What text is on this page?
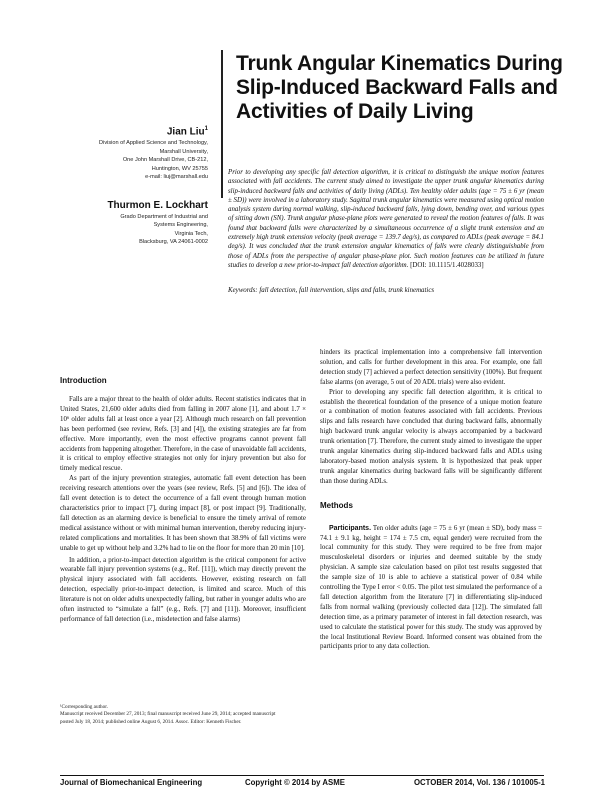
Trunk Angular Kinematics During Slip-Induced Backward Falls and Activities of Daily Living
Jian Liu$^1$
Division of Applied Science and Technology,
Marshall University,
One John Marshall Drive, CB-212,
Huntington, WV 25755
e-mail: liuj@marshall.edu
Thurmon E. Lockhart
Grado Department of Industrial and
Systems Engineering,
Virginia Tech,
Blacksburg, VA 24061-0002
Prior to developing any specific fall detection algorithm, it is critical to distinguish the unique motion features associated with fall accidents. The current study aimed to investigate the upper trunk angular kinematics during slip-induced backward falls and activities of daily living (ADLs). Ten healthy older adults (age = 75 ± 6 yr (mean ± SD)) were involved in a laboratory study. Sagittal trunk angular kinematics were measured using optical motion analysis system during normal walking, slip-induced backward falls, lying down, bending over, and various types of sitting down (SN). Trunk angular phase-plane plots were generated to reveal the motion features of falls. It was found that backward falls were characterized by a simultaneous occurrence of a slight trunk extension and an extremely high trunk extension velocity (peak average = 139.7 deg/s), as compared to ADLs (peak average = 84.1 deg/s). It was concluded that the trunk extension angular kinematics of falls were clearly distinguishable from those of ADLs from the perspective of angular phase-plane plot. Such motion features can be utilized in future studies to develop a new prior-to-impact fall detection algorithm. [DOI: 10.1115/1.4028033]
Keywords: fall detection, fall intervention, slips and falls, trunk kinematics
Introduction

Falls are a major threat to the health of older adults. Recent statistics indicates that in United States, 21,600 older adults died from falling in 2007 alone [1], and about 1.7 × 10⁶ older adults fall at least once a year [2]. Although much research on fall prevention has been performed (see review, Refs. [3] and [4]), the existing strategies are far from effective. More importantly, even the most effective programs cannot prevent fall accidents from happening altogether. Therefore, in the case of unavoidable fall accidents, it is critical to employ effective strategies not only for injury prevention but also for timely medical rescue.

As part of the injury prevention strategies, automatic fall event detection has been receiving research attentions over the years (see review, Refs. [5] and [6]). The idea of fall event detection is to detect the occurrence of a fall event through human motion characteristics prior to impact [7], during impact [8], or post impact [9]. Traditionally, fall detection as an alarming device is beneficial to ensure the timely arrival of remote medical assistance without or with minimal human intervention, thereby reducing injury-related complications and mortalities. It has been shown that 38.9% of fall victims were unable to get up without help and 3.2% had to lie on the floor for more than 20 min [10].

In addition, a prior-to-impact detection algorithm is the critical component for active wearable fall injury prevention systems (e.g., Ref. [11]), which may directly prevent the physical injury associated with fall accidents. However, existing research on fall detection, especially prior-to-impact detection, is limited and scarce. Much of this literature is not on older adults unexpectedly falling, but rather in younger adults who are often instructed to “simulate a fall” (e.g., Refs. [7] and [11]). Moreover, insufficient performance of fall detection (i.e., misdetection and false alarms)

hinders its practical implementation into a comprehensive fall intervention solution, and calls for further development in this area. For example, one fall detection study [7] achieved a perfect detection sensitivity (100%). But frequent false alarms (on average, 5 out of 20 ADL trials) were also evident.

Prior to developing any specific fall detection algorithm, it is critical to establish the theoretical foundation of the presence of a unique motion feature or a combination of motion features associated with fall accidents. Previous slips and falls research have concluded that during backward falls, abnormally high backward trunk angular velocity is always accompanied by a backward trunk orientation [7]. Therefore, the current study aimed to investigate the upper trunk angular kinematics during slip-induced backward falls and ADLs using laboratory-based motion analysis system. It is hypothesized that peak upper trunk angular kinematics during backward falls will be significantly different than those during ADLs.

Methods

Participants. Ten older adults (age = 75 ± 6 yr (mean ± SD), body mass = 74.1 ± 9.1 kg, height = 174 ± 7.5 cm, equal gender) were recruited from the local community for this study. They were required to be free from major musculoskeletal disorders or injuries and deemed suitable by the study physician. A sample size calculation based on pilot test results suggested that the sample size of 10 is able to achieve a statistical power of 0.84 while controlling the Type I error < 0.05. The pilot test simulated the performance of a fall detection algorithm from the literature [7] in differentiating slip-induced falls from normal walking (previously collected data [12]). The simulated fall detection time, as a primary parameter of interest in fall detection research, was used to calculate the statistical power for this study. The study was approved by the local Institutional Review Board. Informed consent was obtained from the participants prior to any data collection.

¹Corresponding author.
Manuscript received December 27, 2013; final manuscript received June 29, 2014; accepted manuscript posted July 18, 2014; published online August 6, 2014. Assoc. Editor: Kenneth Fischer.
Journal of Biomechanical Engineering	Copyright © 2014 by ASME	OCTOBER 2014, Vol. 136 / 101005-1
